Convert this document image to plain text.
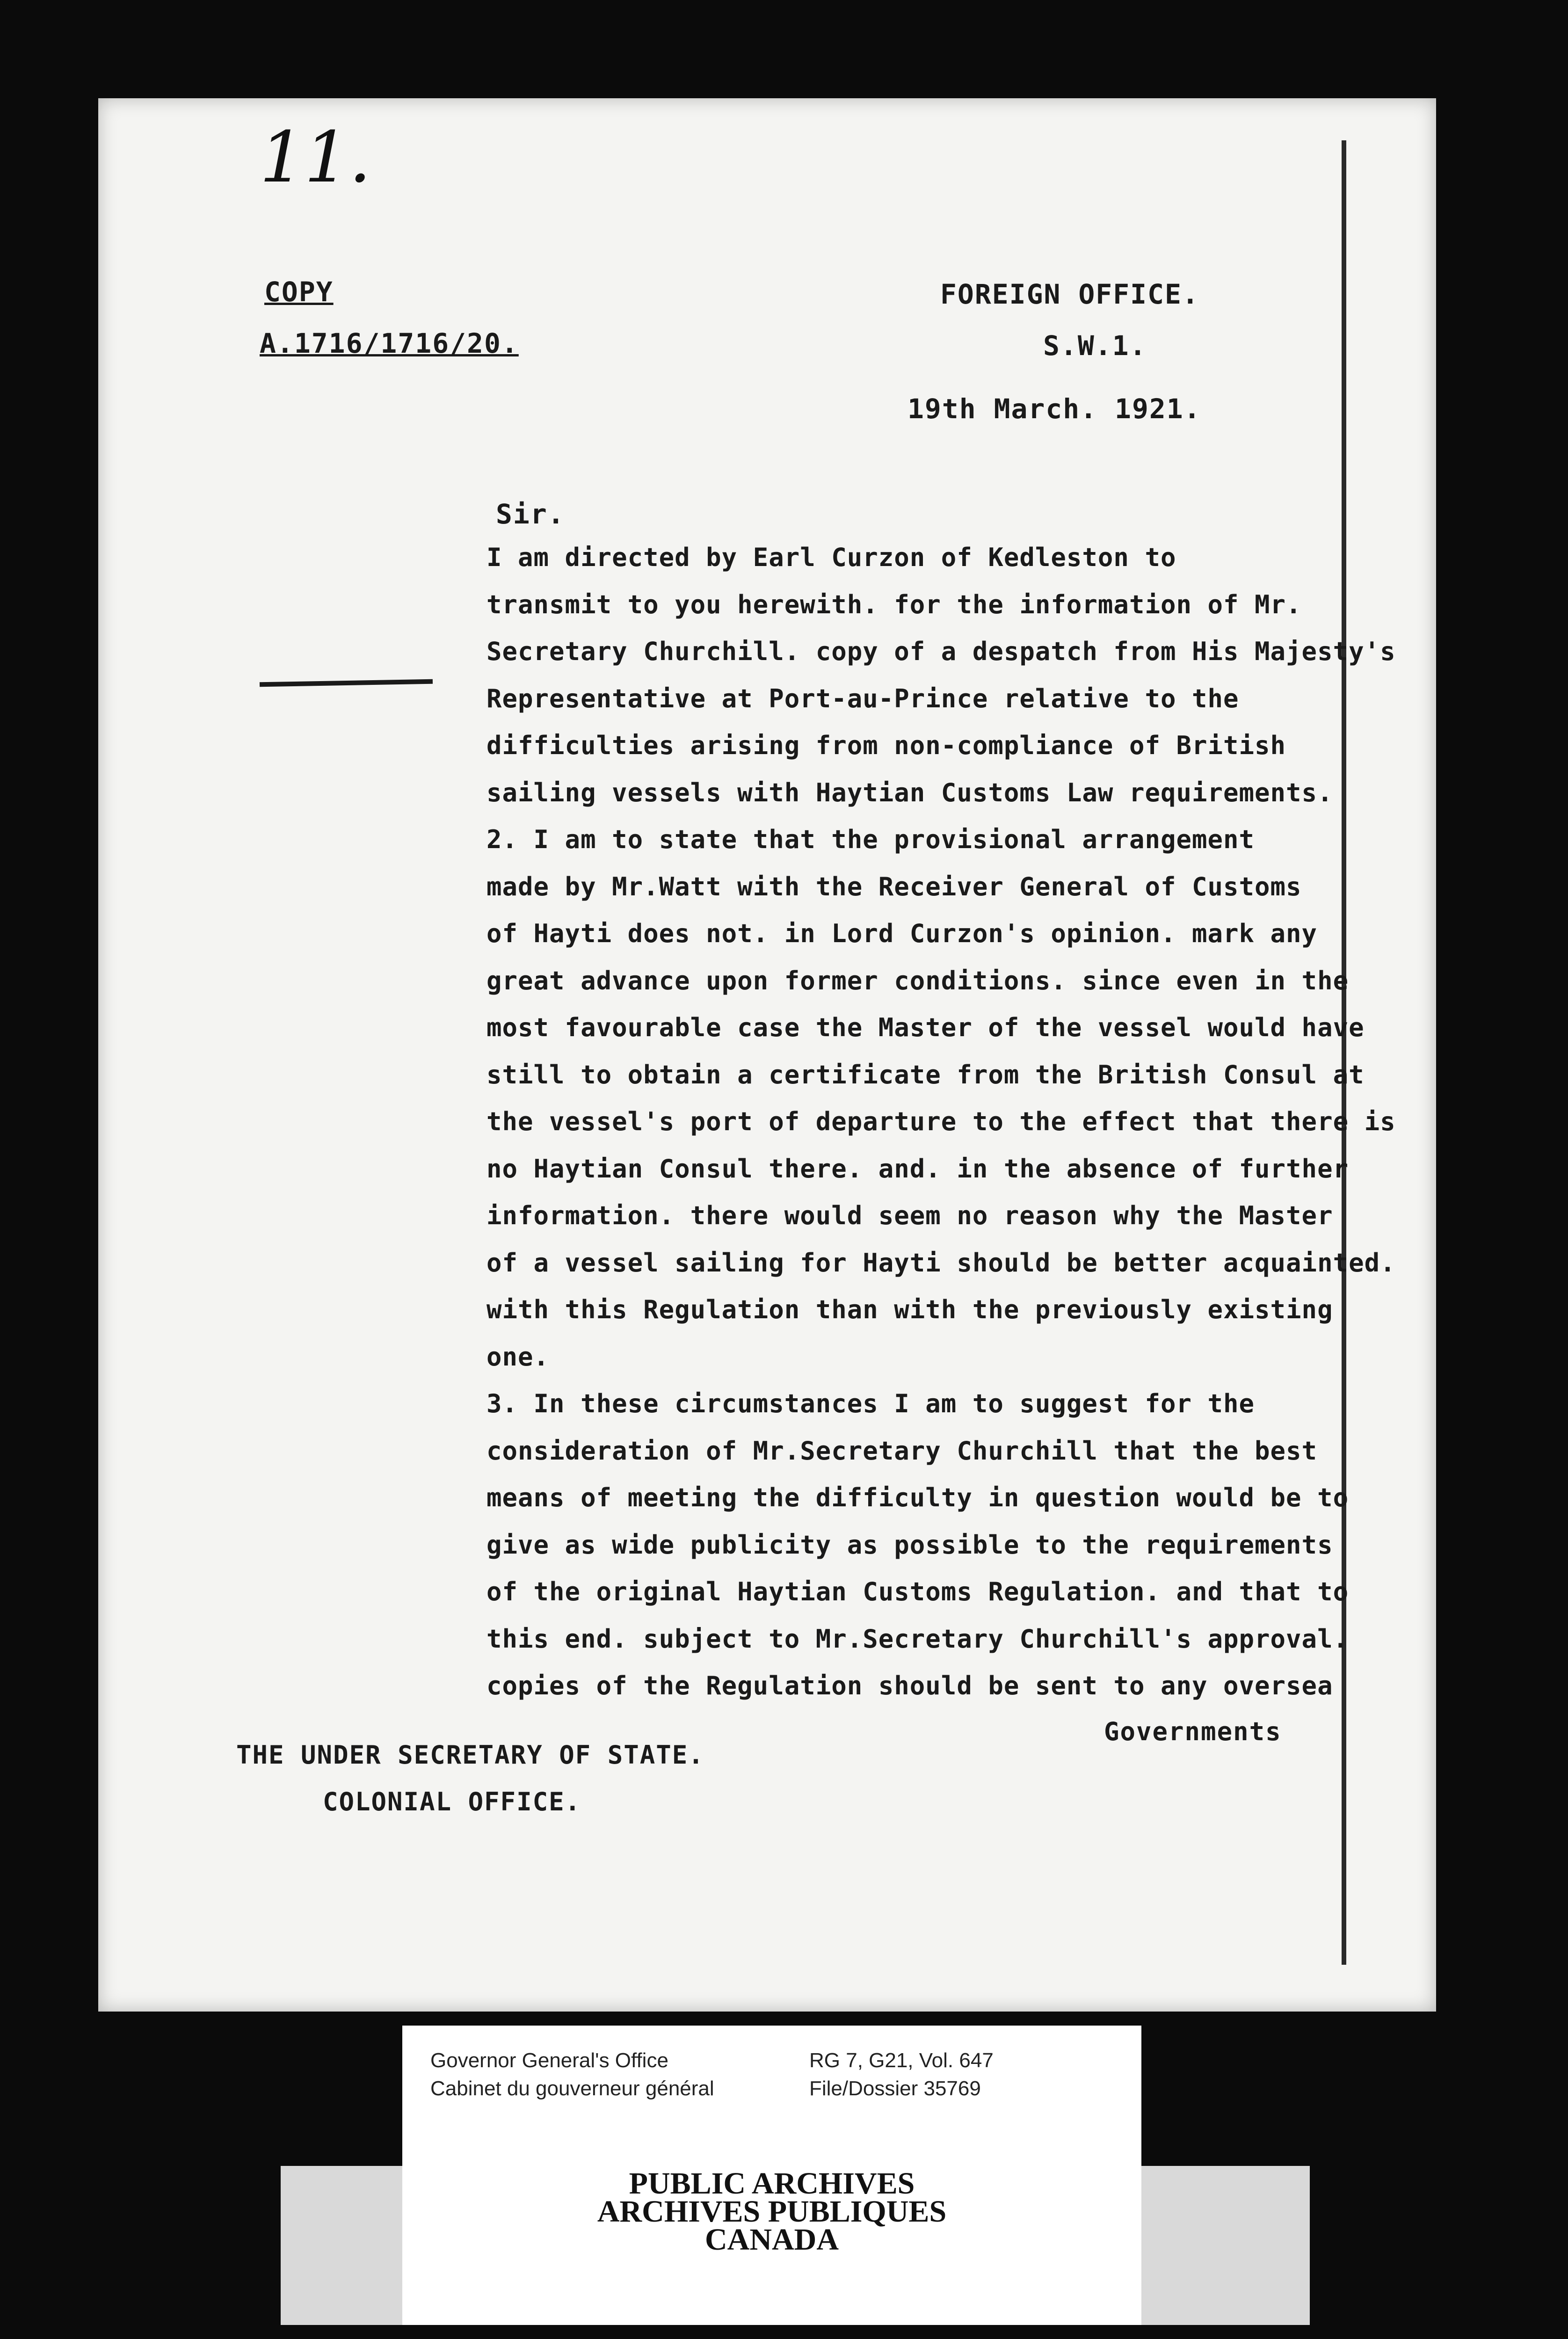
11.
COPY
A.1716/1716/20.
FOREIGN OFFICE.
S.W.1.
19th March. 1921.
Sir.
I am directed by Earl Curzon of Kedleston to
transmit to you herewith. for the information of Mr.
Secretary Churchill. copy of a despatch from His Majesty's
Representative at Port-au-Prince relative to the
difficulties arising from non-compliance of British
sailing vessels with Haytian Customs Law requirements.
2. I am to state that the provisional arrangement
made by Mr.Watt with the Receiver General of Customs
of Hayti does not. in Lord Curzon's opinion. mark any
great advance upon former conditions. since even in the
most favourable case the Master of the vessel would have
still to obtain a certificate from the British Consul at
the vessel's port of departure to the effect that there is
no Haytian Consul there. and. in the absence of further
information. there would seem no reason why the Master
of a vessel sailing for Hayti should be better acquainted.
with this Regulation than with the previously existing
one.
3. In these circumstances I am to suggest for the
consideration of Mr.Secretary Churchill that the best
means of meeting the difficulty in question would be to
give as wide publicity as possible to the requirements
of the original Haytian Customs Regulation. and that to
this end. subject to Mr.Secretary Churchill's approval.
copies of the Regulation should be sent to any oversea
Governments
THE UNDER SECRETARY OF STATE.
COLONIAL OFFICE.
Governor General's Office
Cabinet du gouverneur général
RG 7, G21, Vol. 647
File/Dossier 35769
PUBLIC ARCHIVES
ARCHIVES PUBLIQUES
CANADA
